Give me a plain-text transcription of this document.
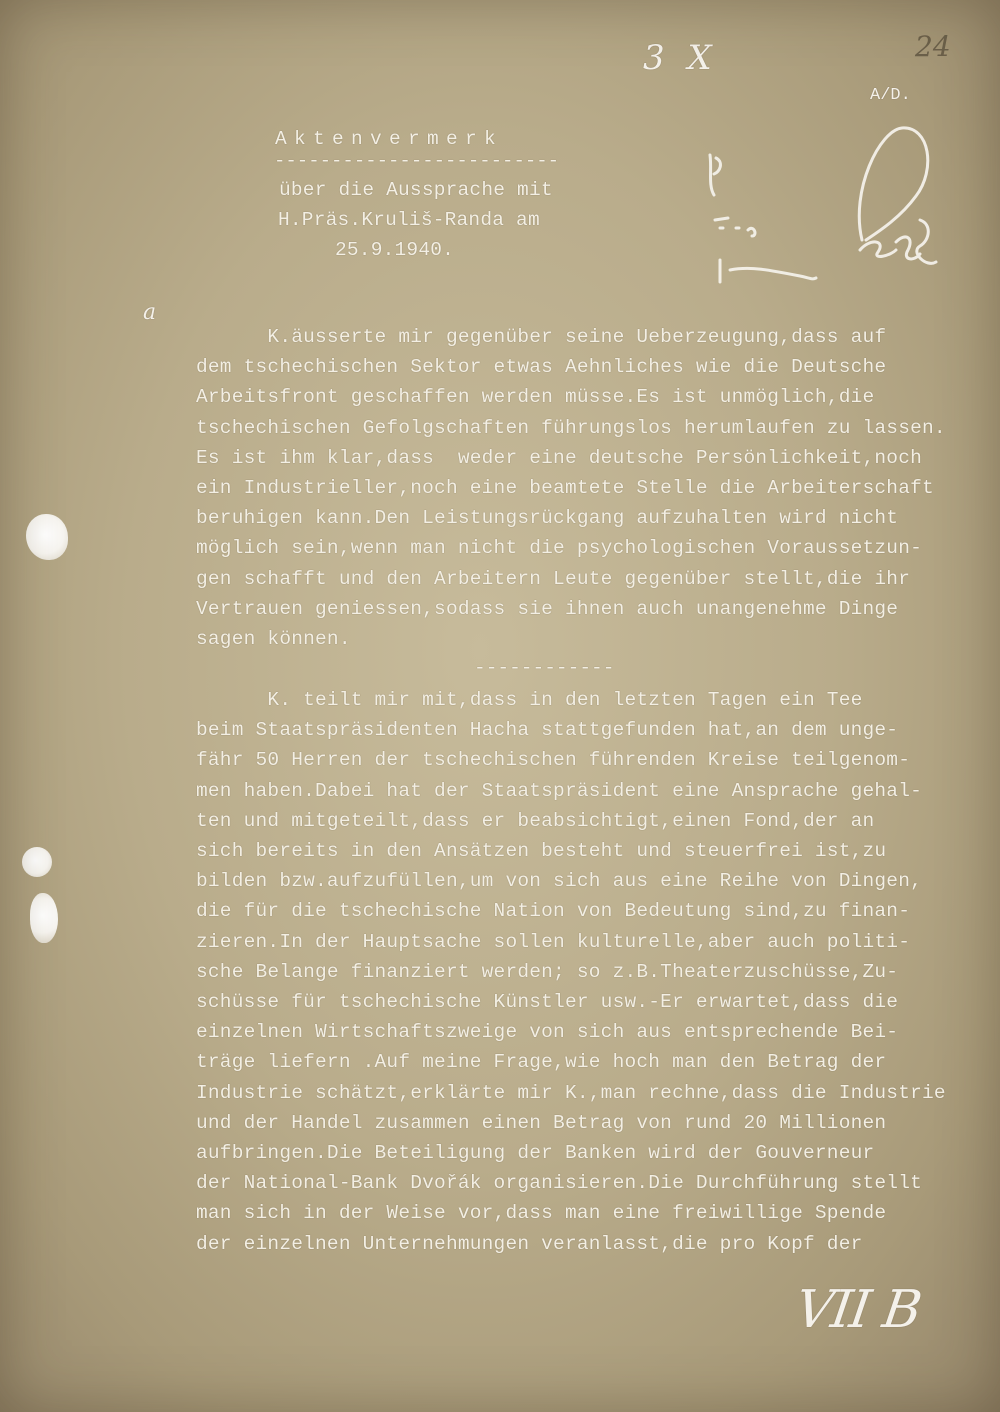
3 X	24

A/D.

Aktenvermerk

-------------------------

über die Aussprache mit

H.Präs.Kruliš-Randa am

25.9.1940.

a

K.äusserte mir gegenüber seine Ueberzeugung,dass auf
dem tschechischen Sektor etwas Aehnliches wie die Deutsche
Arbeitsfront geschaffen werden müsse.Es ist unmöglich,die
tschechischen Gefolgschaften führungslos herumlaufen zu lassen.
Es ist ihm klar,dass  weder eine deutsche Persönlichkeit,noch
ein Industrieller,noch eine beamtete Stelle die Arbeiterschaft
beruhigen kann.Den Leistungsrückgang aufzuhalten wird nicht
möglich sein,wenn man nicht die psychologischen Voraussetzun-
gen schafft und den Arbeitern Leute gegenüber stellt,die ihr
Vertrauen geniessen,sodass sie ihnen auch unangenehme Dinge
sagen können.

------------

K. teilt mir mit,dass in den letzten Tagen ein Tee
beim Staatspräsidenten Hacha stattgefunden hat,an dem unge-
fähr 50 Herren der tschechischen führenden Kreise teilgenom-
men haben.Dabei hat der Staatspräsident eine Ansprache gehal-
ten und mitgeteilt,dass er beabsichtigt,einen Fond,der an
sich bereits in den Ansätzen besteht und steuerfrei ist,zu
bilden bzw.aufzufüllen,um von sich aus eine Reihe von Dingen,
die für die tschechische Nation von Bedeutung sind,zu finan-
zieren.In der Hauptsache sollen kulturelle,aber auch politi-
sche Belange finanziert werden; so z.B.Theaterzuschüsse,Zu-
schüsse für tschechische Künstler usw.-Er erwartet,dass die
einzelnen Wirtschaftszweige von sich aus entsprechende Bei-
träge liefern .Auf meine Frage,wie hoch man den Betrag der
Industrie schätzt,erklärte mir K.,man rechne,dass die Industrie
und der Handel zusammen einen Betrag von rund 20 Millionen
aufbringen.Die Beteiligung der Banken wird der Gouverneur
der National-Bank Dvořák organisieren.Die Durchführung stellt
man sich in der Weise vor,dass man eine freiwillige Spende
der einzelnen Unternehmungen veranlasst,die pro Kopf der

VII B
